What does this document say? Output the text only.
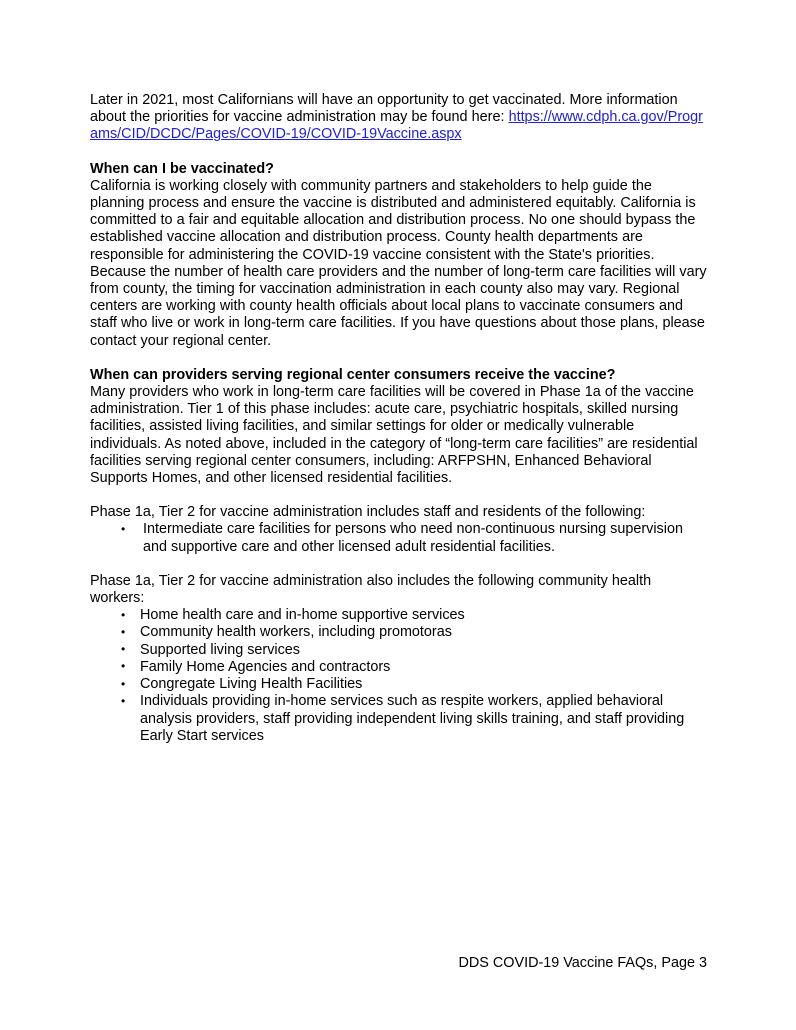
Later in 2021, most Californians will have an opportunity to get vaccinated. More information about the priorities for vaccine administration may be found here: https://www.cdph.ca.gov/Programs/CID/DCDC/Pages/COVID-19/COVID-19Vaccine.aspx

When can I be vaccinated?

California is working closely with community partners and stakeholders to help guide the planning process and ensure the vaccine is distributed and administered equitably. California is committed to a fair and equitable allocation and distribution process. No one should bypass the established vaccine allocation and distribution process. County health departments are responsible for administering the COVID-19 vaccine consistent with the State's priorities. Because the number of health care providers and the number of long-term care facilities will vary from county, the timing for vaccination administration in each county also may vary. Regional centers are working with county health officials about local plans to vaccinate consumers and staff who live or work in long-term care facilities. If you have questions about those plans, please contact your regional center.

When can providers serving regional center consumers receive the vaccine?

Many providers who work in long-term care facilities will be covered in Phase 1a of the vaccine administration. Tier 1 of this phase includes: acute care, psychiatric hospitals, skilled nursing facilities, assisted living facilities, and similar settings for older or medically vulnerable individuals. As noted above, included in the category of “long-term care facilities” are residential facilities serving regional center consumers, including: ARFPSHN, Enhanced Behavioral Supports Homes, and other licensed residential facilities.

Phase 1a, Tier 2 for vaccine administration includes staff and residents of the following:

• Intermediate care facilities for persons who need non-continuous nursing supervision and supportive care and other licensed adult residential facilities.

Phase 1a, Tier 2 for vaccine administration also includes the following community health workers:

• Home health care and in-home supportive services
• Community health workers, including promotoras
• Supported living services
• Family Home Agencies and contractors
• Congregate Living Health Facilities
• Individuals providing in-home services such as respite workers, applied behavioral analysis providers, staff providing independent living skills training, and staff providing Early Start services
DDS COVID-19 Vaccine FAQs, Page 3
